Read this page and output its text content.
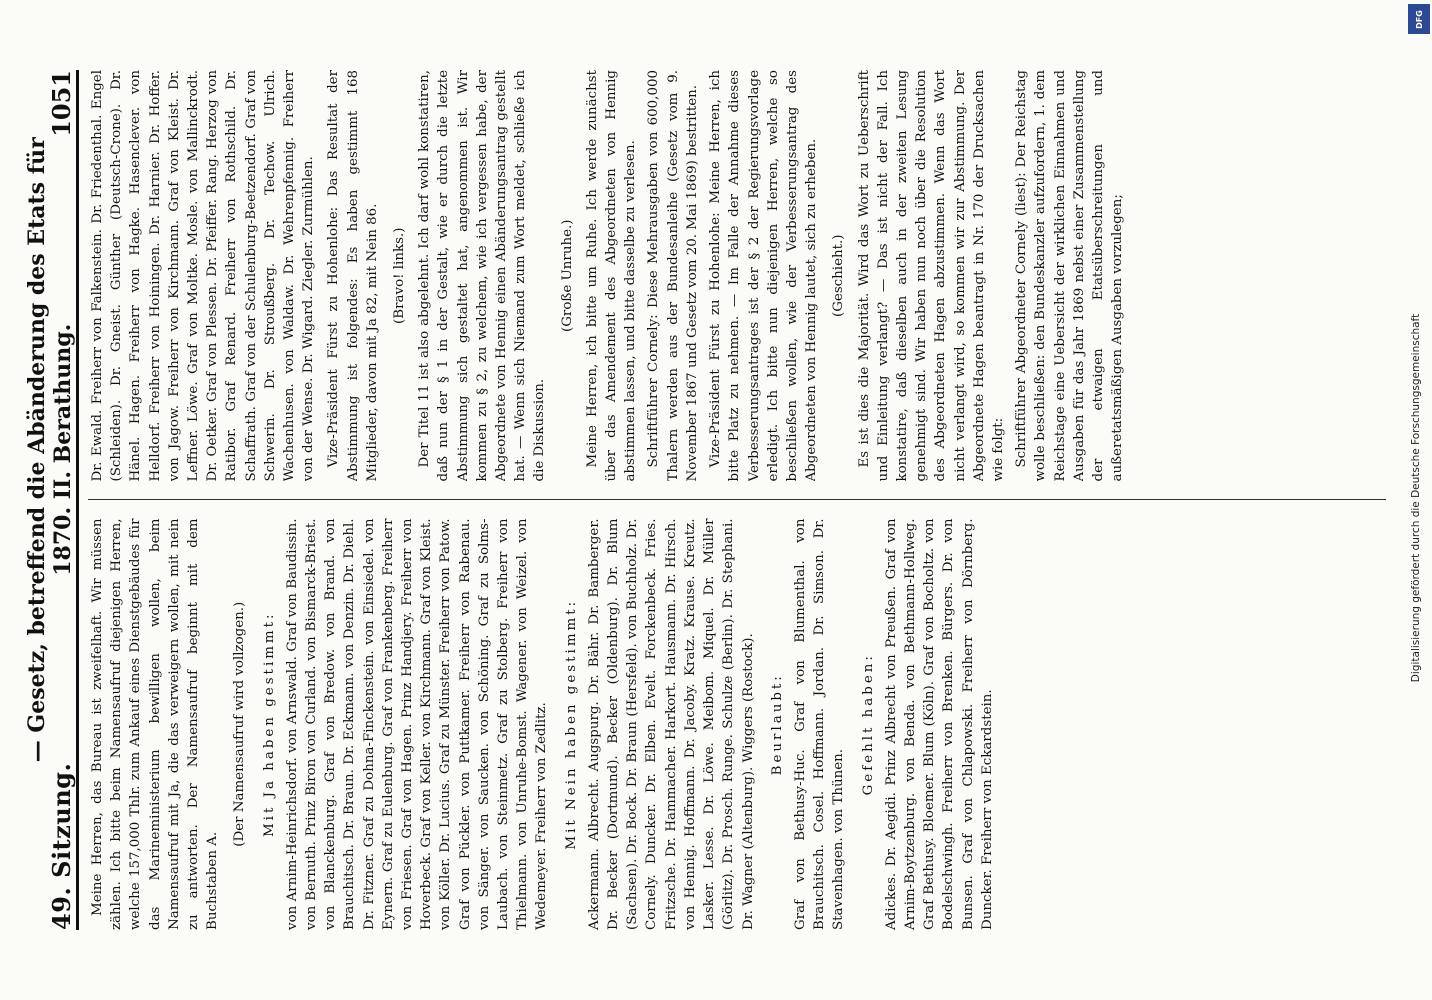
49. Sitzung.
— Gesetz, betreffend die Abänderung des Etats für 1870. II. Berathung.
1051

Meine Herren, das Bureau ist zweifelhaft. Wir müssen zählen. Ich bitte beim Namensaufruf diejenigen Herren, welche 157,000 Thlr. zum Ankauf eines Dienstgebäudes für das Marineministerium bewilligen wollen, beim Namensaufruf mit Ja, die das verweigern wollen, mit nein zu antworten. Der Namensaufruf beginnt mit dem Buchstaben A.

(Der Namensaufruf wird vollzogen.) Mit Ja haben gestimmt: von Arnim-Heinrichsdorf. von Arnswald. Graf von Baudissin. von Bernuth. Prinz Biron von Curland. von Bismarck-Briest. von Blanckenburg. Graf von Bredow. von Brand. von Brauchitsch. Dr. Braun. Dr. Eckmann. von Denzin. Dr. Diehl. Dr. Fitzner. Graf zu Dohna-Finckenstein. von Einsiedel. von Eynern. Graf zu Eulenburg. Graf von Frankenberg. Freiherr von Friesen. Graf von Hagen. Prinz Handjery. Freiherr von Hoverbeck. Graf von Keller. von Kirchmann. Graf von Kleist. von Köller. Dr. Lucius. Graf zu Münster. Freiherr von Patow. Graf von Pückler. von Puttkamer. Freiherr von Rabenau. von Sänger. von Saucken. von Schöning. Graf zu Solms-Laubach. von Steinmetz. Graf zu Stolberg. Freiherr von Thielmann. von Unruhe-Bomst. Wagener. von Weizel. von Wedemeyer. Freiherr von Zedlitz. Mit Nein haben gestimmt: Ackermann. Albrecht. Augspurg. Dr. Bähr. Dr. Bamberger. Dr. Becker (Dortmund). Becker (Oldenburg). Dr. Blum (Sachsen). Dr. Bock. Dr. Braun (Hersfeld). von Buchholz. Dr. Cornely. Duncker. Dr. Elben. Evelt. Forckenbeck. Fries. Fritzsche. Dr. Hammacher. Harkort. Hausmann. Dr. Hirsch. von Hennig. Hoffmann. Dr. Jacoby. Kratz. Krause. Kreutz. Lasker. Lesse. Dr. Löwe. Meibom. Miquel. Dr. Müller (Görlitz). Dr. Prosch. Runge. Schulze (Berlin). Dr. Stephani. Dr. Wagner (Altenburg). Wiggers (Rostock). Beurlaubt: Graf von Bethusy-Huc. Graf von Blumenthal. von Brauchitsch. Cosel. Hoffmann. Jordan. Dr. Simson. Dr. Stavenhagen. von Thünen.

Gefehlt haben: Adickes. Dr. Aegidi. Prinz Albrecht von Preußen. Graf von Arnim-Boytzenburg. von Benda. von Bethmann-Hollweg. Graf Bethusy. Bloemer. Blum (Köln). Graf von Bocholtz. von Bodelschwingh. Freiherr von Brenken. Bürgers. Dr. von Bunsen. Graf von Chlapowski. Freiherr von Dörnberg. Duncker. Freiherr von Eckardstein.

Dr. Ewald. Freiherr von Falkenstein. Dr. Friedenthal. Engel (Schleiden). Dr. Gneist. Günther (Deutsch-Crone). Dr. Hänel. Hagen. Freiherr von Hagke. Hasenclever. von Helldorf. Freiherr von Hoiningen. Dr. Harnier. Dr. Hoffer. von Jagow. Freiherr von Kirchmann. Graf von Kleist. Dr. Leffner. Löwe. Graf von Moltke. Mosle. von Mallinckrodt. Dr. Oetker. Graf von Plessen. Dr. Pfeiffer. Rang. Herzog von Ratibor. Graf Renard. Freiherr von Rothschild. Dr. Schaffrath. Graf von der Schulenburg-Beetzendorf. Graf von Schwerin. Dr. Stroußberg. Dr. Techow. Ulrich. Wachenhusen. von Waldaw. Dr. Wehrenpfennig. Freiherr von der Wense. Dr. Wigard. Ziegler. Zurmühlen. Vize-Präsident Fürst zu Hohenlohe: Das Resultat der Abstimmung ist folgendes: Es haben gestimmt 168 Mitglieder, davon mit Ja 82, mit Nein 86. (Bravo! links.) Der Titel 11 ist also abgelehnt. Ich darf wohl konstatiren, daß nun der § 1 in der Gestalt, wie er durch die letzte Abstimmung sich gestaltet hat, angenommen ist. Wir kommen zu § 2, zu welchem, wie ich vergessen habe, der Abgeordnete von Hennig einen Abänderungsantrag gestellt hat. — Wenn sich Niemand zum Wort meldet, schließe ich die Diskussion.

(Große Unruhe.) Meine Herren, ich bitte um Ruhe. Ich werde zunächst über das Amendement des Abgeordneten von Hennig abstimmen lassen, und bitte dasselbe zu verlesen. Schriftführer Cornely: Diese Mehrausgaben von 600,000 Thalern werden aus der Bundesanleihe (Gesetz vom 9. November 1867 und Gesetz vom 20. Mai 1869) bestritten. Vize-Präsident Fürst zu Hohenlohe: Meine Herren, ich bitte Platz zu nehmen. — Im Falle der Annahme dieses Verbesserungsantrages ist der § 2 der Regierungsvorlage erledigt. Ich bitte nun diejenigen Herren, welche so beschließen wollen, wie der Verbesserungsantrag des Abgeordneten von Hennig lautet, sich zu erheben. (Geschieht.) Es ist dies die Majorität. Wird das Wort zu Ueberschrift und Einleitung verlangt? — Das ist nicht der Fall. Ich konstatire, daß dieselben auch in der zweiten Lesung genehmigt sind. Wir haben nun noch über die Resolution des Abgeordneten Hagen abzustimmen. Wenn das Wort nicht verlangt wird, so kommen wir zur Abstimmung. Der Abgeordnete Hagen beantragt in Nr. 170 der Drucksachen wie folgt: Schriftführer Abgeordneter Cornely (liest): Der Reichstag wolle beschließen: den Bundeskanzler aufzufordern, 1. dem Reichstage eine Uebersicht der wirklichen Einnahmen und Ausgaben für das Jahr 1869 nebst einer Zusammenstellung der etwaigen Etatsüberschreitungen und außeretatsmäßigen Ausgaben vorzulegen;	Digitalisierung gefördert durch die Deutsche Forschungsgemeinschaft
DFG
